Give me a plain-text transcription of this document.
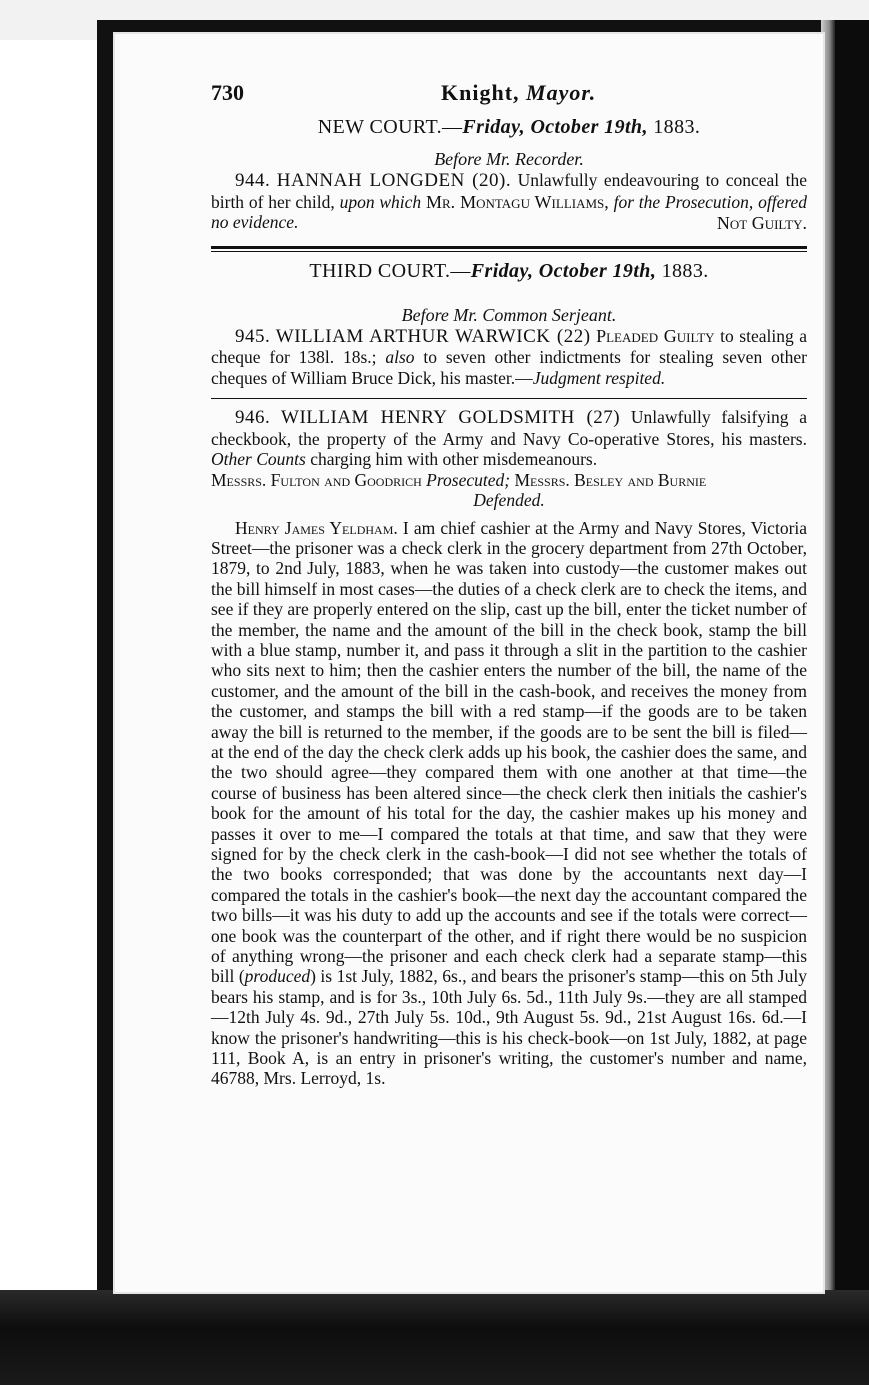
730	Knight, Mayor.
NEW COURT.—Friday, October 19th, 1883.
Before Mr. Recorder.

944. HANNAH LONGDEN (20). Unlawfully endeavouring to conceal the birth of her child, upon which Mr. Montagu Williams, for the Prosecution, offered no evidence.	Not Guilty.
THIRD COURT.—Friday, October 19th, 1883.
Before Mr. Common Serjeant.

945. WILLIAM ARTHUR WARWICK (22) Pleaded Guilty to stealing a cheque for 138l. 18s.; also to seven other indictments for stealing seven other cheques of William Bruce Dick, his master.—Judgment respited.

946. WILLIAM HENRY GOLDSMITH (27) Unlawfully falsifying a checkbook, the property of the Army and Navy Co-operative Stores, his masters. Other Counts charging him with other misdemeanours.

Messrs. Fulton and Goodrich Prosecuted; Messrs. Besley and Burnie
Defended.

Henry James Yeldham. I am chief cashier at the Army and Navy Stores, Victoria Street—the prisoner was a check clerk in the grocery department from 27th October, 1879, to 2nd July, 1883, when he was taken into custody—the customer makes out the bill himself in most cases—the duties of a check clerk are to check the items, and see if they are properly entered on the slip, cast up the bill, enter the ticket number of the member, the name and the amount of the bill in the check book, stamp the bill with a blue stamp, number it, and pass it through a slit in the partition to the cashier who sits next to him; then the cashier enters the number of the bill, the name of the customer, and the amount of the bill in the cash-book, and receives the money from the customer, and stamps the bill with a red stamp—if the goods are to be taken away the bill is returned to the member, if the goods are to be sent the bill is filed—at the end of the day the check clerk adds up his book, the cashier does the same, and the two should agree—they compared them with one another at that time—the course of business has been altered since—the check clerk then initials the cashier's book for the amount of his total for the day, the cashier makes up his money and passes it over to me—I compared the totals at that time, and saw that they were signed for by the check clerk in the cash-book—I did not see whether the totals of the two books corresponded; that was done by the accountants next day—I compared the totals in the cashier's book—the next day the accountant compared the two bills—it was his duty to add up the accounts and see if the totals were correct—one book was the counterpart of the other, and if right there would be no suspicion of anything wrong—the prisoner and each check clerk had a separate stamp—this bill (produced) is 1st July, 1882, 6s., and bears the prisoner's stamp—this on 5th July bears his stamp, and is for 3s., 10th July 6s. 5d., 11th July 9s.—they are all stamped—12th July 4s. 9d., 27th July 5s. 10d., 9th August 5s. 9d., 21st August 16s. 6d.—I know the prisoner's handwriting—this is his check-book—on 1st July, 1882, at page 111, Book A, is an entry in prisoner's writing, the customer's number and name, 46788, Mrs. Lerroyd, 1s.
